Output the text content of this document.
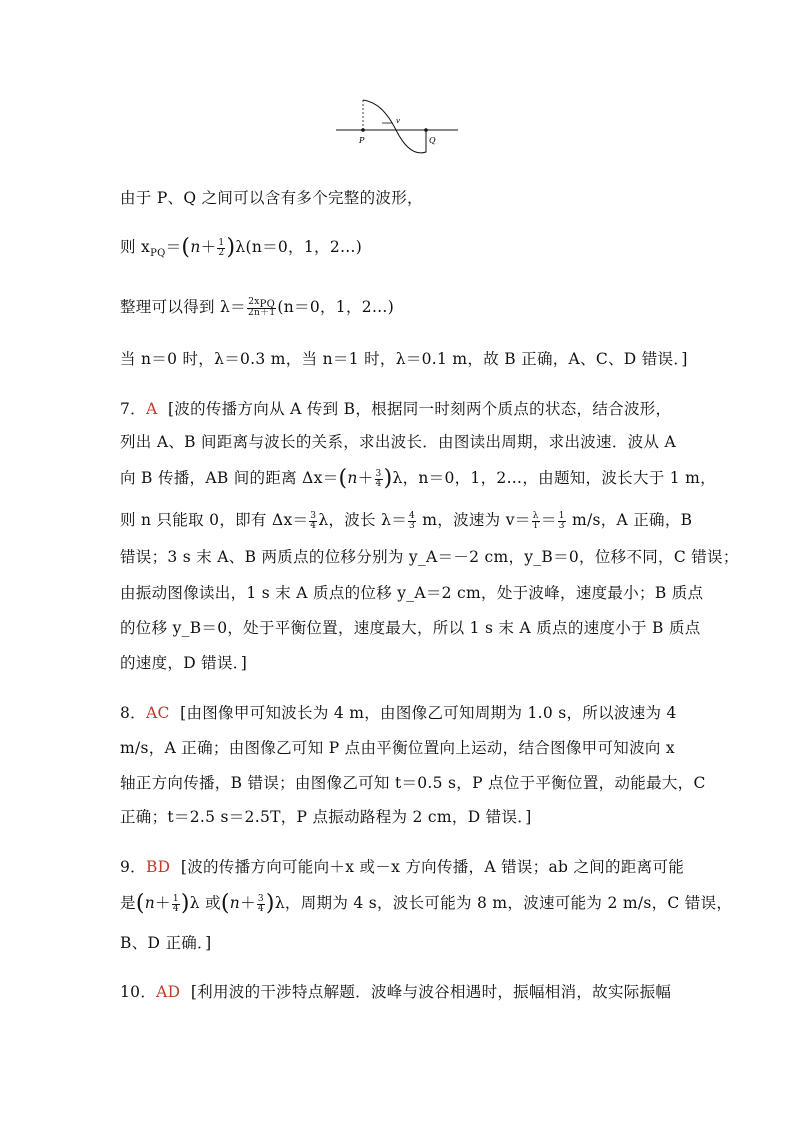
v
P	Q
由于 P、Q 之间可以含有多个完整的波形，
则 $x_{PQ}=(n+ \frac{1}{2} )\lambda(n=0$，1，2…)
整理可以得到 $\lambda= \frac{2x_{PQ}}{2n+1} (n=0$，1，2…)
当 n＝0 时，λ＝0.3 m，当 n＝1 时，λ＝0.1 m，故 B 正确，A、C、D 错误．]
7．A [波的传播方向从 A 传到 B，根据同一时刻两个质点的状态，结合波形，
列出 A、B 间距离与波长的关系，求出波长．由图读出周期，求出波速．波从 A
向 B 传播，AB 间的距离 $\Delta x=(n+ \frac{3}{4} )\lambda$，n＝0，1，2…，由题知，波长大于 1 m，
则 n 只能取 0，即有 $\Delta x= \frac{3}{4}$ λ，波长 $\lambda= \frac{4}{3}$ m，波速为 $v= \frac{\lambda}{T} = \frac{1}{3} m/s$，A 正确，B
错误；3 s 末 A、B 两质点的位移分别为 y_A＝－2 cm，y_B＝0，位移不同，C 错误；
由振动图像读出，1 s 末 A 质点的位移 y_A＝2 cm，处于波峰，速度最小；B 质点
的位移 y_B＝0，处于平衡位置，速度最大，所以 1 s 末 A 质点的速度小于 B 质点
的速度，D 错误．]
8．AC [由图像甲可知波长为 4 m，由图像乙可知周期为 1.0 s，所以波速为 4
m/s，A 正确；由图像乙可知 P 点由平衡位置向上运动，结合图像甲可知波向 x
轴正方向传播，B 错误；由图像乙可知 t＝0.5 s，P 点位于平衡位置，动能最大，C
正确；t＝2.5 s＝2.5T，P 点振动路程为 2 cm，D 错误．]
9．BD [波的传播方向可能向＋x 或－x 方向传播，A 错误；ab 之间的距离可能
是$(n+ \frac{1}{4} )\lambda$ 或$(n+ \frac{3}{4} )\lambda$，周期为 4 s，波长可能为 8 m，波速可能为 2 m/s，C 错误，
B、D 正确．]
10．AD [利用波的干涉特点解题．波峰与波谷相遇时，振幅相消，故实际振幅
